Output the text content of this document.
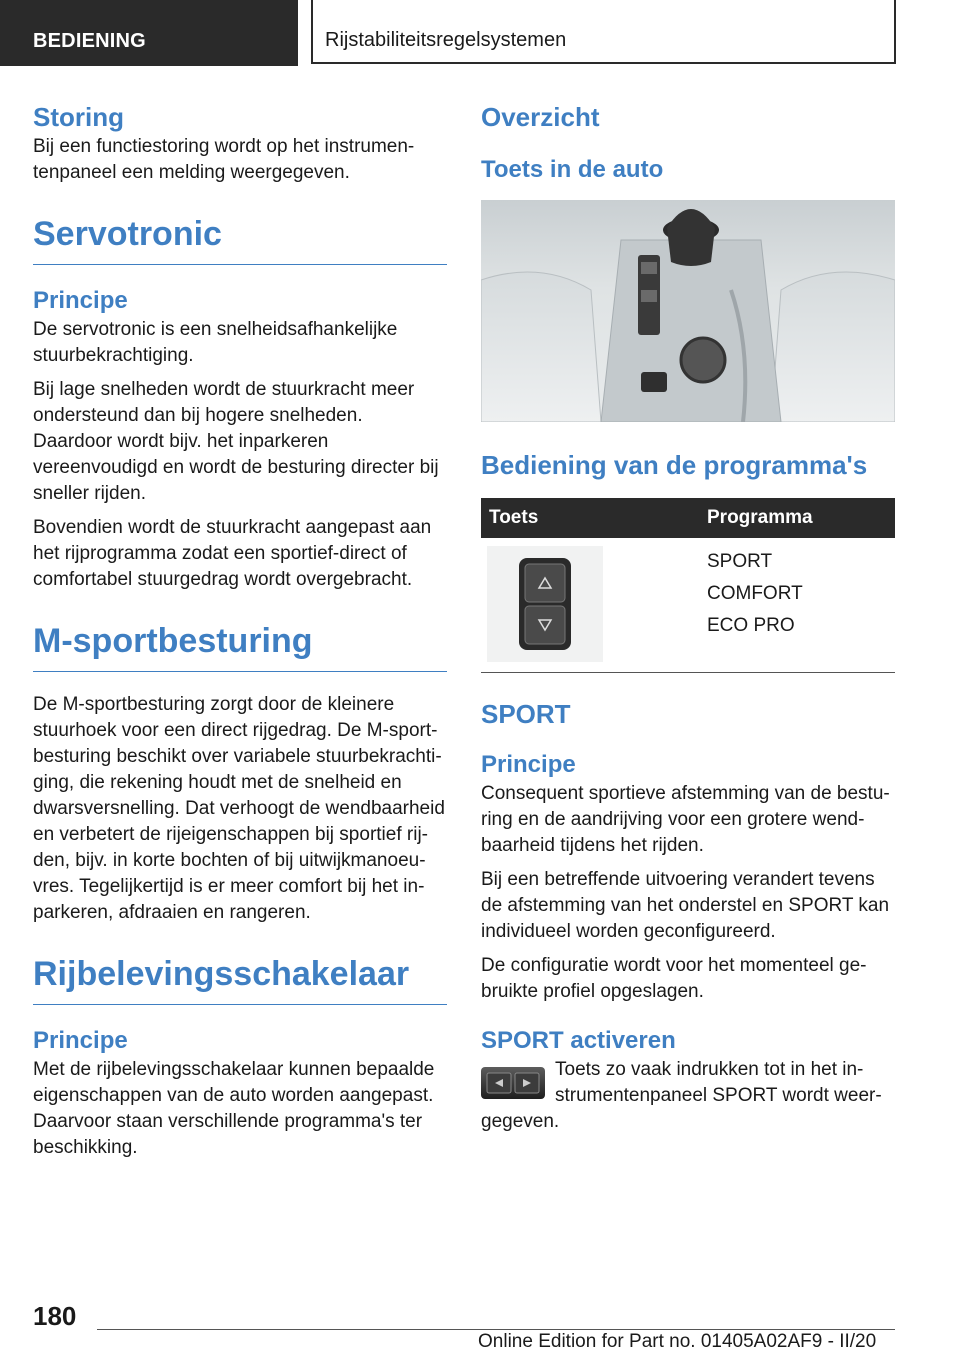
BEDIENING	Rijstabiliteitsregelsystemen
Storing

Bij een functiestoring wordt op het instrumen-tenpaneel een melding weergegeven.

Servotronic
Principe

De servotronic is een snelheidsafhankelijke stuurbekrachtiging.

Bij lage snelheden wordt de stuurkracht meer ondersteund dan bij hogere snelheden. Daardoor wordt bijv. het inparkeren vereenvoudigd en wordt de besturing directer bij sneller rijden.

Bovendien wordt de stuurkracht aangepast aan het rijprogramma zodat een sportief-direct of comfortabel stuurgedrag wordt overgebracht.

M-sportbesturing

De M-sportbesturing zorgt door de kleinere stuurhoek voor een direct rijgedrag. De M-sport-besturing beschikt over variabele stuurbekrachti-ging, die rekening houdt met de snelheid en dwarsversnelling. Dat verhoogt de wendbaarheid en verbetert de rijeigenschappen bij sportief rij-den, bijv. in korte bochten of bij uitwijkmanoeu-vres. Tegelijkertijd is er meer comfort bij het in-parkeren, afdraaien en rangeren.

Rijbelevingsschakelaar
Principe

Met de rijbelevingsschakelaar kunnen bepaalde eigenschappen van de auto worden aangepast. Daarvoor staan verschillende programma's ter beschikking.

Overzicht
Toets in de auto
Bediening van de programma's
Toets	Programma

SPORT
COMFORT
ECO PRO
SPORT
Principe

Consequent sportieve afstemming van de bestu-ring en de aandrijving voor een grotere wend-baarheid tijdens het rijden.

Bij een betreffende uitvoering verandert tevens de afstemming van het onderstel en SPORT kan individueel worden geconfigureerd.

De configuratie wordt voor het momenteel ge-bruikte profiel opgeslagen.

SPORT activeren

Toets zo vaak indrukken tot in het in-strumentenpaneel SPORT wordt weer-gegeven.

180
Online Edition for Part no. 01405A02AF9 - II/20
